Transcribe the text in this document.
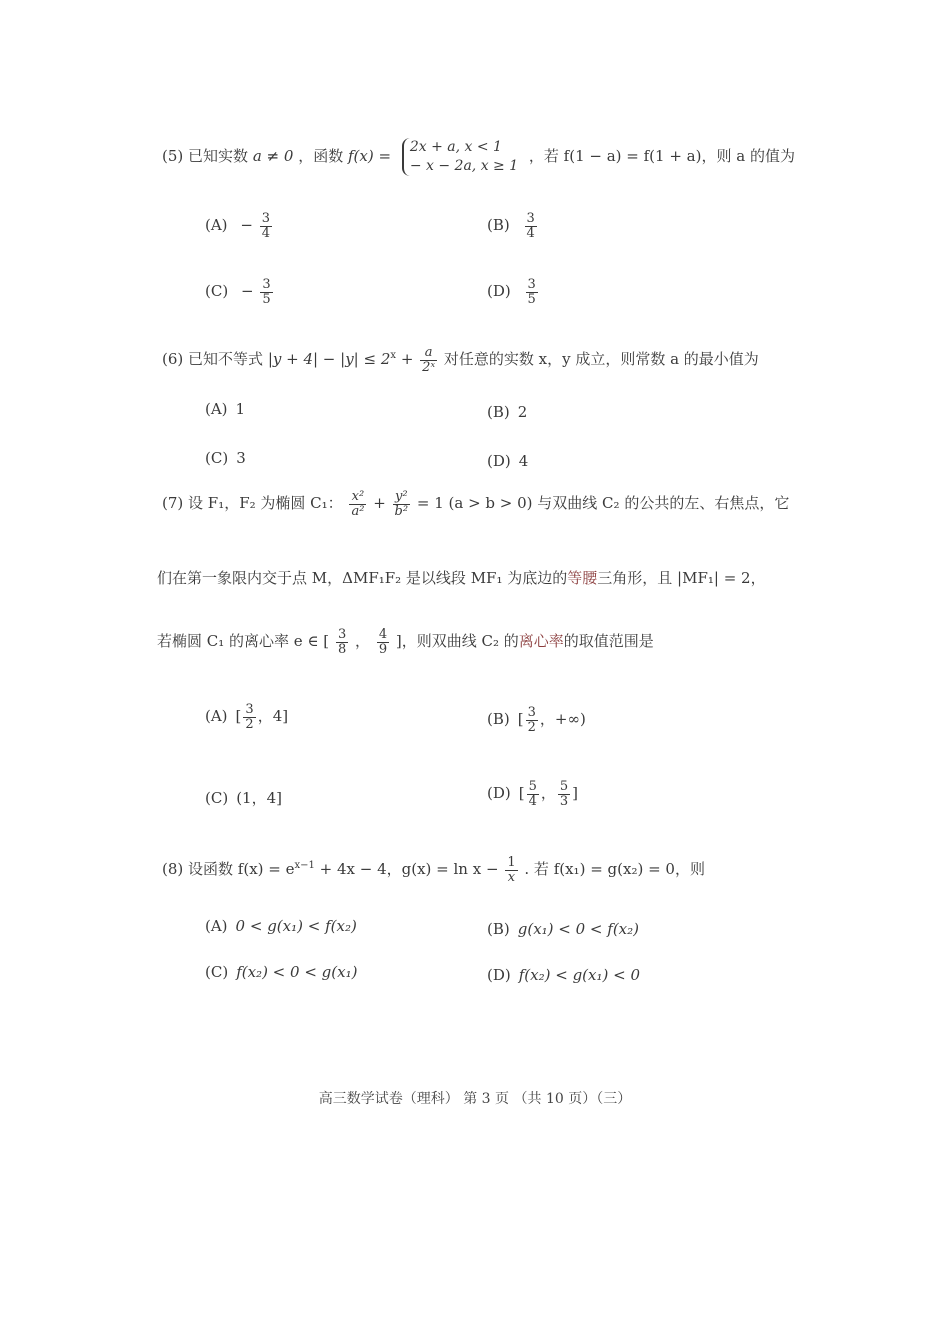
(5) 已知实数 a ≠ 0 ，函数 f(x) = 2x + a, x < 1
− x − 2a, x ≥ 1
，若 f(1 − a) = f(1 + a)，则 a 的值为
$(A) - \frac{3}{4}$	$(B) \frac{3}{4}$
$(C) - \frac{3}{5}$	$(D) \frac{3}{5}$
(6) 已知不等式 $|y + 4| - |y| \le 2^x + \frac{a}{\text{2ˣ}}$ 对任意的实数 x，y 成立，则常数 a 的最小值为
(A) 1	(B) 2
(C) 3	(D) 4
(7) 设 F₁，F₂ 为椭圆 C₁： $\frac{\text{x²}}{\text{a²}} + \frac{\text{y²}}{\text{b²}} = 1$ (a > b > 0) 与双曲线 C₂ 的公共的左、右焦点，它
们在第一象限内交于点 M，ΔMF₁F₂ 是以线段 MF₁ 为底边的等腰三角形，且 |MF₁| = 2，
若椭圆 C₁ 的离心率 e ∈ [ $\frac{3}{8}$ ， $\frac{4}{9}$ ]，则双曲线 C₂ 的离心率的取值范围是
(A) [ $\frac{3}{2}$ ，4]	(B) [ $\frac{3}{2}$ ，+∞)
(C) (1，4]	(D) [ $\frac{5}{4}$ ， $\frac{5}{3}$ ]
(8) 设函数 $f(x) = e^{x-1} + 4x - 4$，$g(x) = \ln x - \frac{1}{x}$ . 若 f(x₁) = g(x₂) = 0，则
(A) 0 < g(x₁) < f(x₂)	(B) g(x₁) < 0 < f(x₂)
(C) f(x₂) < 0 < g(x₁)	(D) f(x₂) < g(x₁) < 0
高三数学试卷（理科） 第 3 页 （共 10 页）（三）
